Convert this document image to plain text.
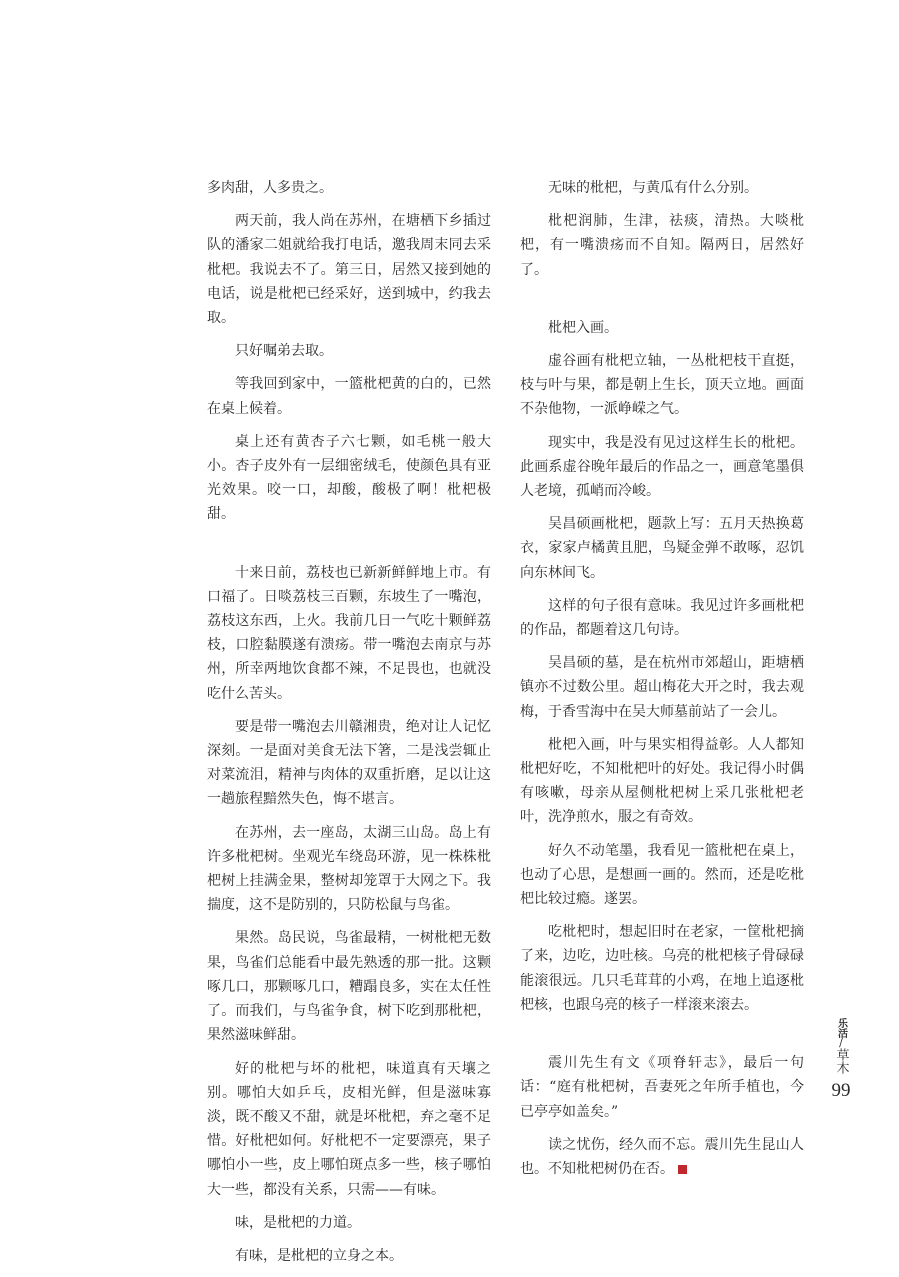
多肉甜，人多贵之。

两天前，我人尚在苏州，在塘栖下乡插过队的潘家二姐就给我打电话，邀我周末同去采枇杷。我说去不了。第三日，居然又接到她的电话，说是枇杷已经采好，送到城中，约我去取。

只好嘱弟去取。

等我回到家中，一篮枇杷黄的白的，已然在桌上候着。

桌上还有黄杏子六七颗，如毛桃一般大小。杏子皮外有一层细密绒毛，使颜色具有亚光效果。咬一口，却酸，酸极了啊！枇杷极甜。

十来日前，荔枝也已新新鲜鲜地上市。有口福了。日啖荔枝三百颗，东坡生了一嘴泡，荔枝这东西，上火。我前几日一气吃十颗鲜荔枝，口腔黏膜遂有溃疡。带一嘴泡去南京与苏州，所幸两地饮食都不辣，不足畏也，也就没吃什么苦头。

要是带一嘴泡去川赣湘贵，绝对让人记忆深刻。一是面对美食无法下箸，二是浅尝辄止对菜流泪，精神与肉体的双重折磨，足以让这一趟旅程黯然失色，悔不堪言。

在苏州，去一座岛，太湖三山岛。岛上有许多枇杷树。坐观光车绕岛环游，见一株株枇杷树上挂满金果，整树却笼罩于大网之下。我揣度，这不是防别的，只防松鼠与鸟雀。

果然。岛民说，鸟雀最精，一树枇杷无数果，鸟雀们总能看中最先熟透的那一批。这颗啄几口，那颗啄几口，糟蹋良多，实在太任性了。而我们，与鸟雀争食，树下吃到那枇杷，果然滋味鲜甜。

好的枇杷与坏的枇杷，味道真有天壤之别。哪怕大如乒乓，皮相光鲜，但是滋味寡淡，既不酸又不甜，就是坏枇杷，弃之毫不足惜。好枇杷如何。好枇杷不一定要漂亮，果子哪怕小一些，皮上哪怕斑点多一些，核子哪怕大一些，都没有关系，只需——有味。

味，是枇杷的力道。

有味，是枇杷的立身之本。

无味的枇杷，与黄瓜有什么分别。

枇杷润肺，生津，祛痰，清热。大啖枇杷，有一嘴溃疡而不自知。隔两日，居然好了。

枇杷入画。

虚谷画有枇杷立轴，一丛枇杷枝干直挺，枝与叶与果，都是朝上生长，顶天立地。画面不杂他物，一派峥嵘之气。

现实中，我是没有见过这样生长的枇杷。此画系虚谷晚年最后的作品之一，画意笔墨俱人老境，孤峭而冷峻。

吴昌硕画枇杷，题款上写：五月天热换葛衣，家家卢橘黄且肥，鸟疑金弹不敢啄，忍饥向东林间飞。

这样的句子很有意味。我见过许多画枇杷的作品，都题着这几句诗。

吴昌硕的墓，是在杭州市郊超山，距塘栖镇亦不过数公里。超山梅花大开之时，我去观梅，于香雪海中在吴大师墓前站了一会儿。

枇杷入画，叶与果实相得益彰。人人都知枇杷好吃，不知枇杷叶的好处。我记得小时偶有咳嗽，母亲从屋侧枇杷树上采几张枇杷老叶，洗净煎水，服之有奇效。

好久不动笔墨，我看见一篮枇杷在桌上，也动了心思，是想画一画的。然而，还是吃枇杷比较过瘾。遂罢。

吃枇杷时，想起旧时在老家，一筐枇杷摘了来，边吃，边吐核。乌亮的枇杷核子骨碌碌能滚很远。几只毛茸茸的小鸡，在地上追逐枇杷核，也跟乌亮的核子一样滚来滚去。

震川先生有文《项脊轩志》，最后一句话：“庭有枇杷树，吾妻死之年所手植也，今已亭亭如盖矣。”

读之忧伤，经久而不忘。震川先生昆山人也。不知枇杷树仍在否。

乐活
/
草木
99
